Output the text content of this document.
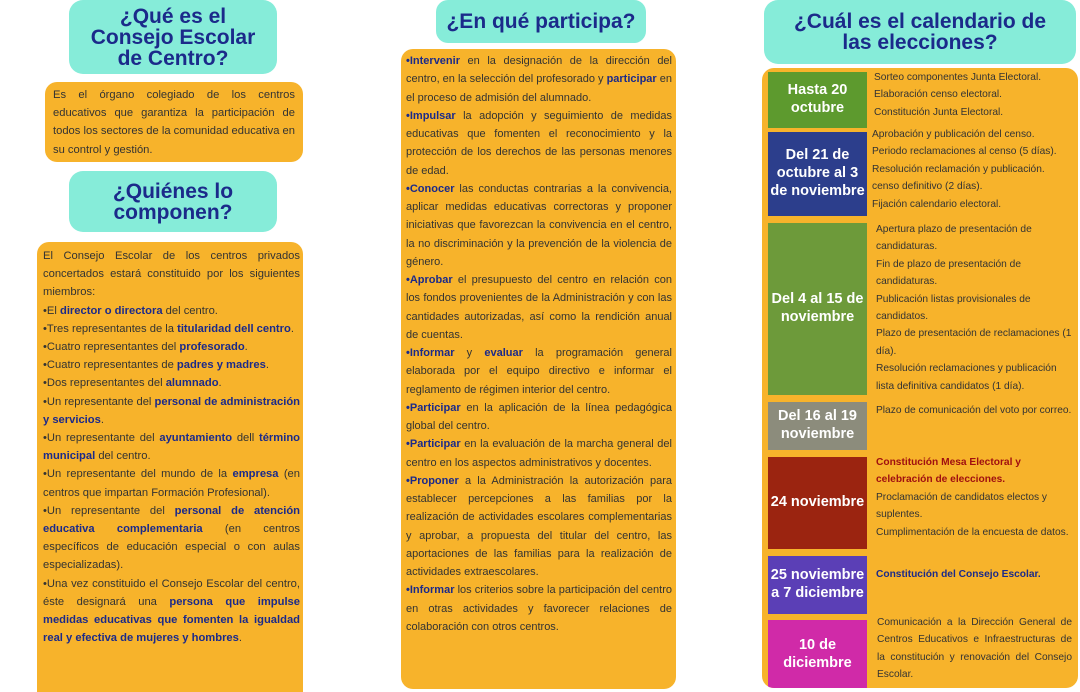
¿Qué es el Consejo Escolar de Centro?
Es el órgano colegiado de los centros educativos que garantiza la participación de todos los sectores de la comunidad educativa en su control y gestión.
¿Quiénes lo componen?

El Consejo Escolar de los centros privados concertados estará constituido por los siguientes miembros:

•El director o directora del centro.

•Tres representantes de la titularidad dell centro.

•Cuatro representantes del profesorado.

•Cuatro representantes de padres y madres.

•Dos representantes del alumnado.

•Un representante del personal de administración y servicios.

•Un representante del ayuntamiento dell término municipal del centro.

•Un representante del mundo de la empresa (en centros que impartan Formación Profesional).

•Un representante del personal de atención educativa complementaria (en centros específicos de educación especial o con aulas especializadas).

•Una vez constituido el Consejo Escolar del centro, éste designará una persona que impulse medidas educativas que fomenten la igualdad real y efectiva de mujeres y hombres.

¿En qué participa?

•Intervenir en la designación de la dirección del centro, en la selección del profesorado y participar en el proceso de admisión del alumnado.

•Impulsar la adopción y seguimiento de medidas educativas que fomenten el reconocimiento y la protección de los derechos de las personas menores de edad.

•Conocer las conductas contrarias a la convivencia, aplicar medidas educativas correctoras y proponer iniciativas que favorezcan la convivencia en el centro, la no discriminación y la prevención de la violencia de género.

•Aprobar el presupuesto del centro en relación con los fondos provenientes de la Administración y con las cantidades autorizadas, así como la rendición anual de cuentas.

•Informar y evaluar la programación general elaborada por el equipo directivo e informar el reglamento de régimen interior del centro.

•Participar en la aplicación de la línea pedagógica global del centro.

•Participar en la evaluación de la marcha general del centro en los aspectos administrativos y docentes.

•Proponer a la Administración la autorización para establecer percepciones a las familias por la realización de actividades escolares complementarias y aprobar, a propuesta del titular del centro, las aportaciones de las familias para la realización de actividades extraescolares.

•Informar los criterios sobre la participación del centro en otras actividades y favorecer relaciones de colaboración con otros centros.

¿Cuál es el calendario de las elecciones?
Hasta 20 octubre

Sorteo componentes Junta Electoral.

Elaboración censo electoral.

Constitución Junta Electoral.

Del 21 de octubre al 3 de noviembre

Aprobación y publicación del censo.

Periodo reclamaciones al censo (5 días).

Resolución reclamación y publicación. censo definitivo (2 días).

Fijación calendario electoral.

Del 4 al 15 de noviembre

Apertura plazo de presentación de candidaturas.

Fin de plazo de presentación de candidaturas.

Publicación listas provisionales de candidatos.

Plazo de presentación de reclamaciones (1 día).

Resolución reclamaciones y publicación lista definitiva candidatos (1 día).

Del 16 al 19 noviembre

Plazo de comunicación del voto por correo.

24 noviembre

Constitución Mesa Electoral y celebración de elecciones.

Proclamación de candidatos electos y suplentes.

Cumplimentación de la encuesta de datos.

25 noviembre a 7 diciembre

Constitución del Consejo Escolar.

10 de diciembre

Comunicación a la Dirección General de Centros Educativos e Infraestructuras de la constitución y renovación del Consejo Escolar.
